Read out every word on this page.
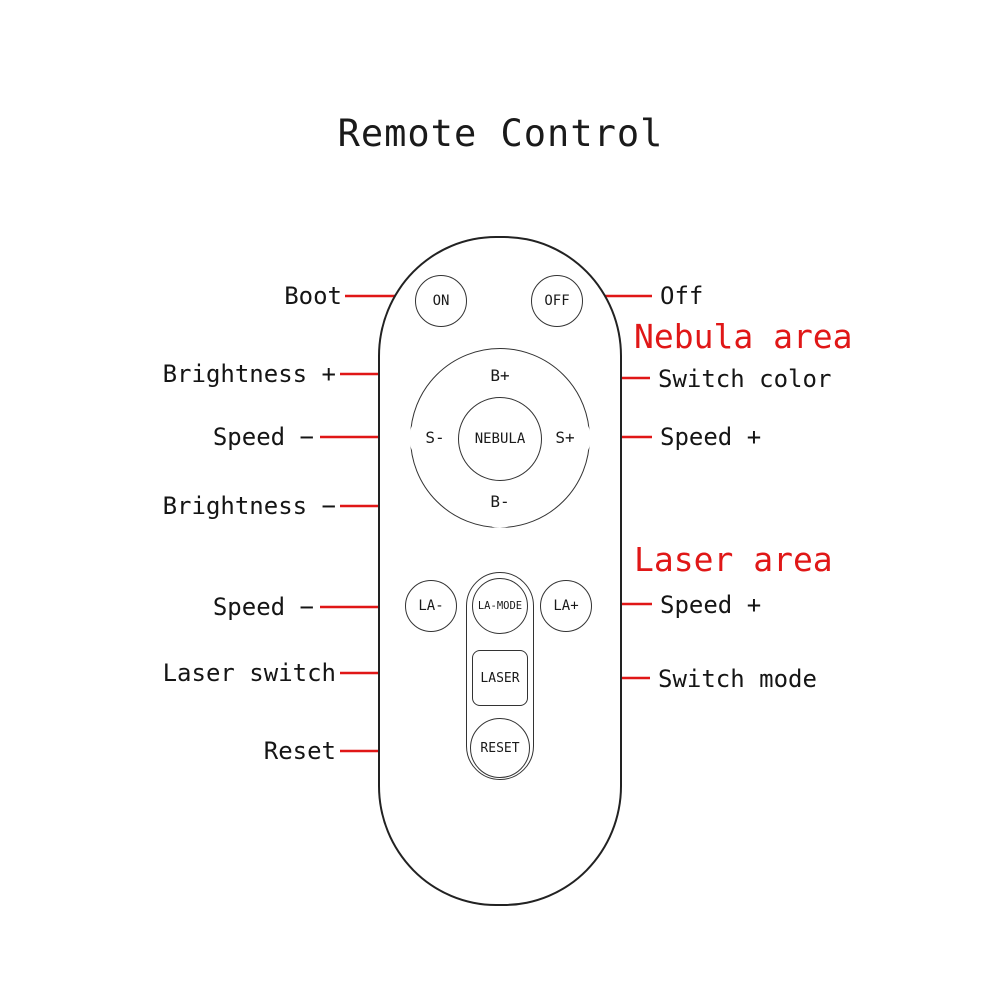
Remote Control
ON	OFF
B+
B-
S-	S+
NEBULA
LA-	LA+
LA-MODE
LASER
RESET
Boot
Brightness +
Speed −
Brightness −
Speed −
Laser switch
Reset
Off
Switch color
Speed +
Speed +
Switch mode
Nebula area
Laser area
